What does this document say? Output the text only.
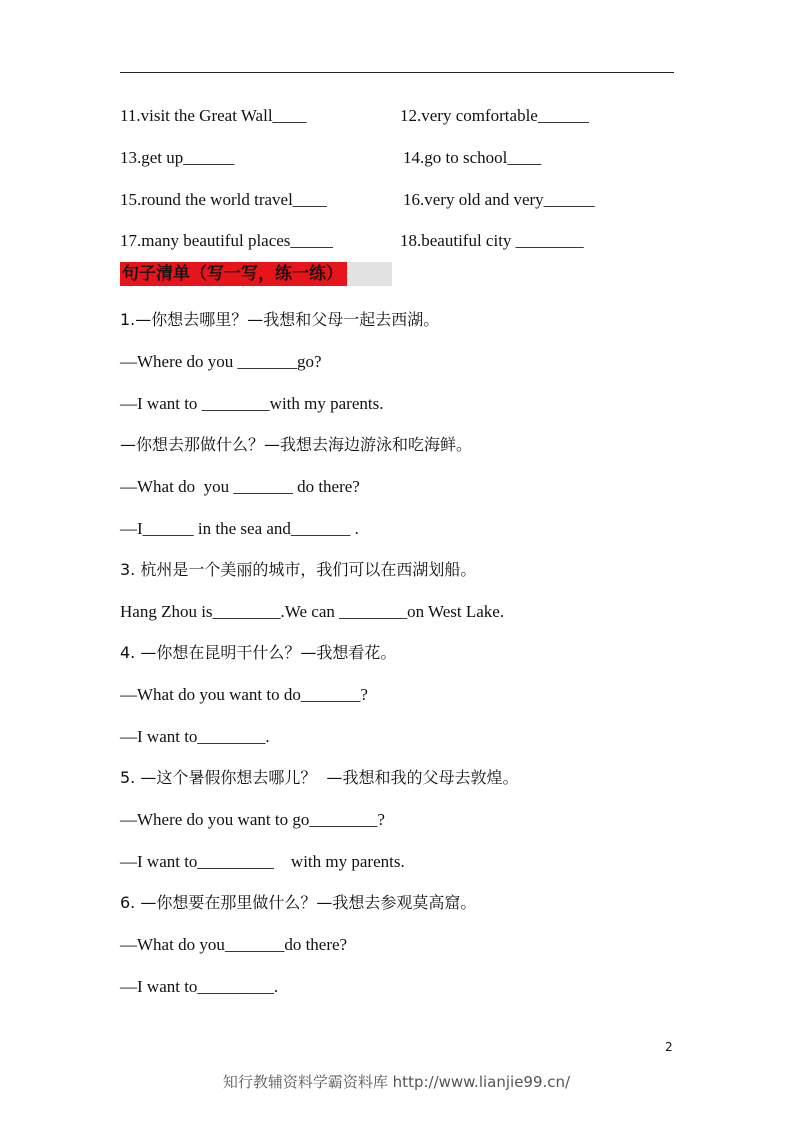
11.visit the Great Wall____	12.very comfortable______
13.get up______	14.go to school____
15.round the world travel____	16.very old and very______
17.many beautiful places_____	18.beautiful city ________
句子清单（写一写，练一练）
1.—你想去哪里？—我想和父母一起去西湖。
—Where do you _______go?
—I want to ________with my parents.
—你想去那做什么？—我想去海边游泳和吃海鲜。
—What do  you _______ do there?
—I______ in the sea and_______ .
3. 杭州是一个美丽的城市，我们可以在西湖划船。
Hang Zhou is________.We can ________on West Lake.
4. —你想在昆明干什么？—我想看花。
—What do you want to do_______?
—I want to________.
5. —这个暑假你想去哪儿？  —我想和我的父母去敦煌。
—Where do you want to go________?
—I want to_________    with my parents.
6. —你想要在那里做什么？—我想去参观莫高窟。
—What do you_______do there?
—I want to_________.
2
知行教辅资料学霸资料库 http://www.lianjie99.cn/
